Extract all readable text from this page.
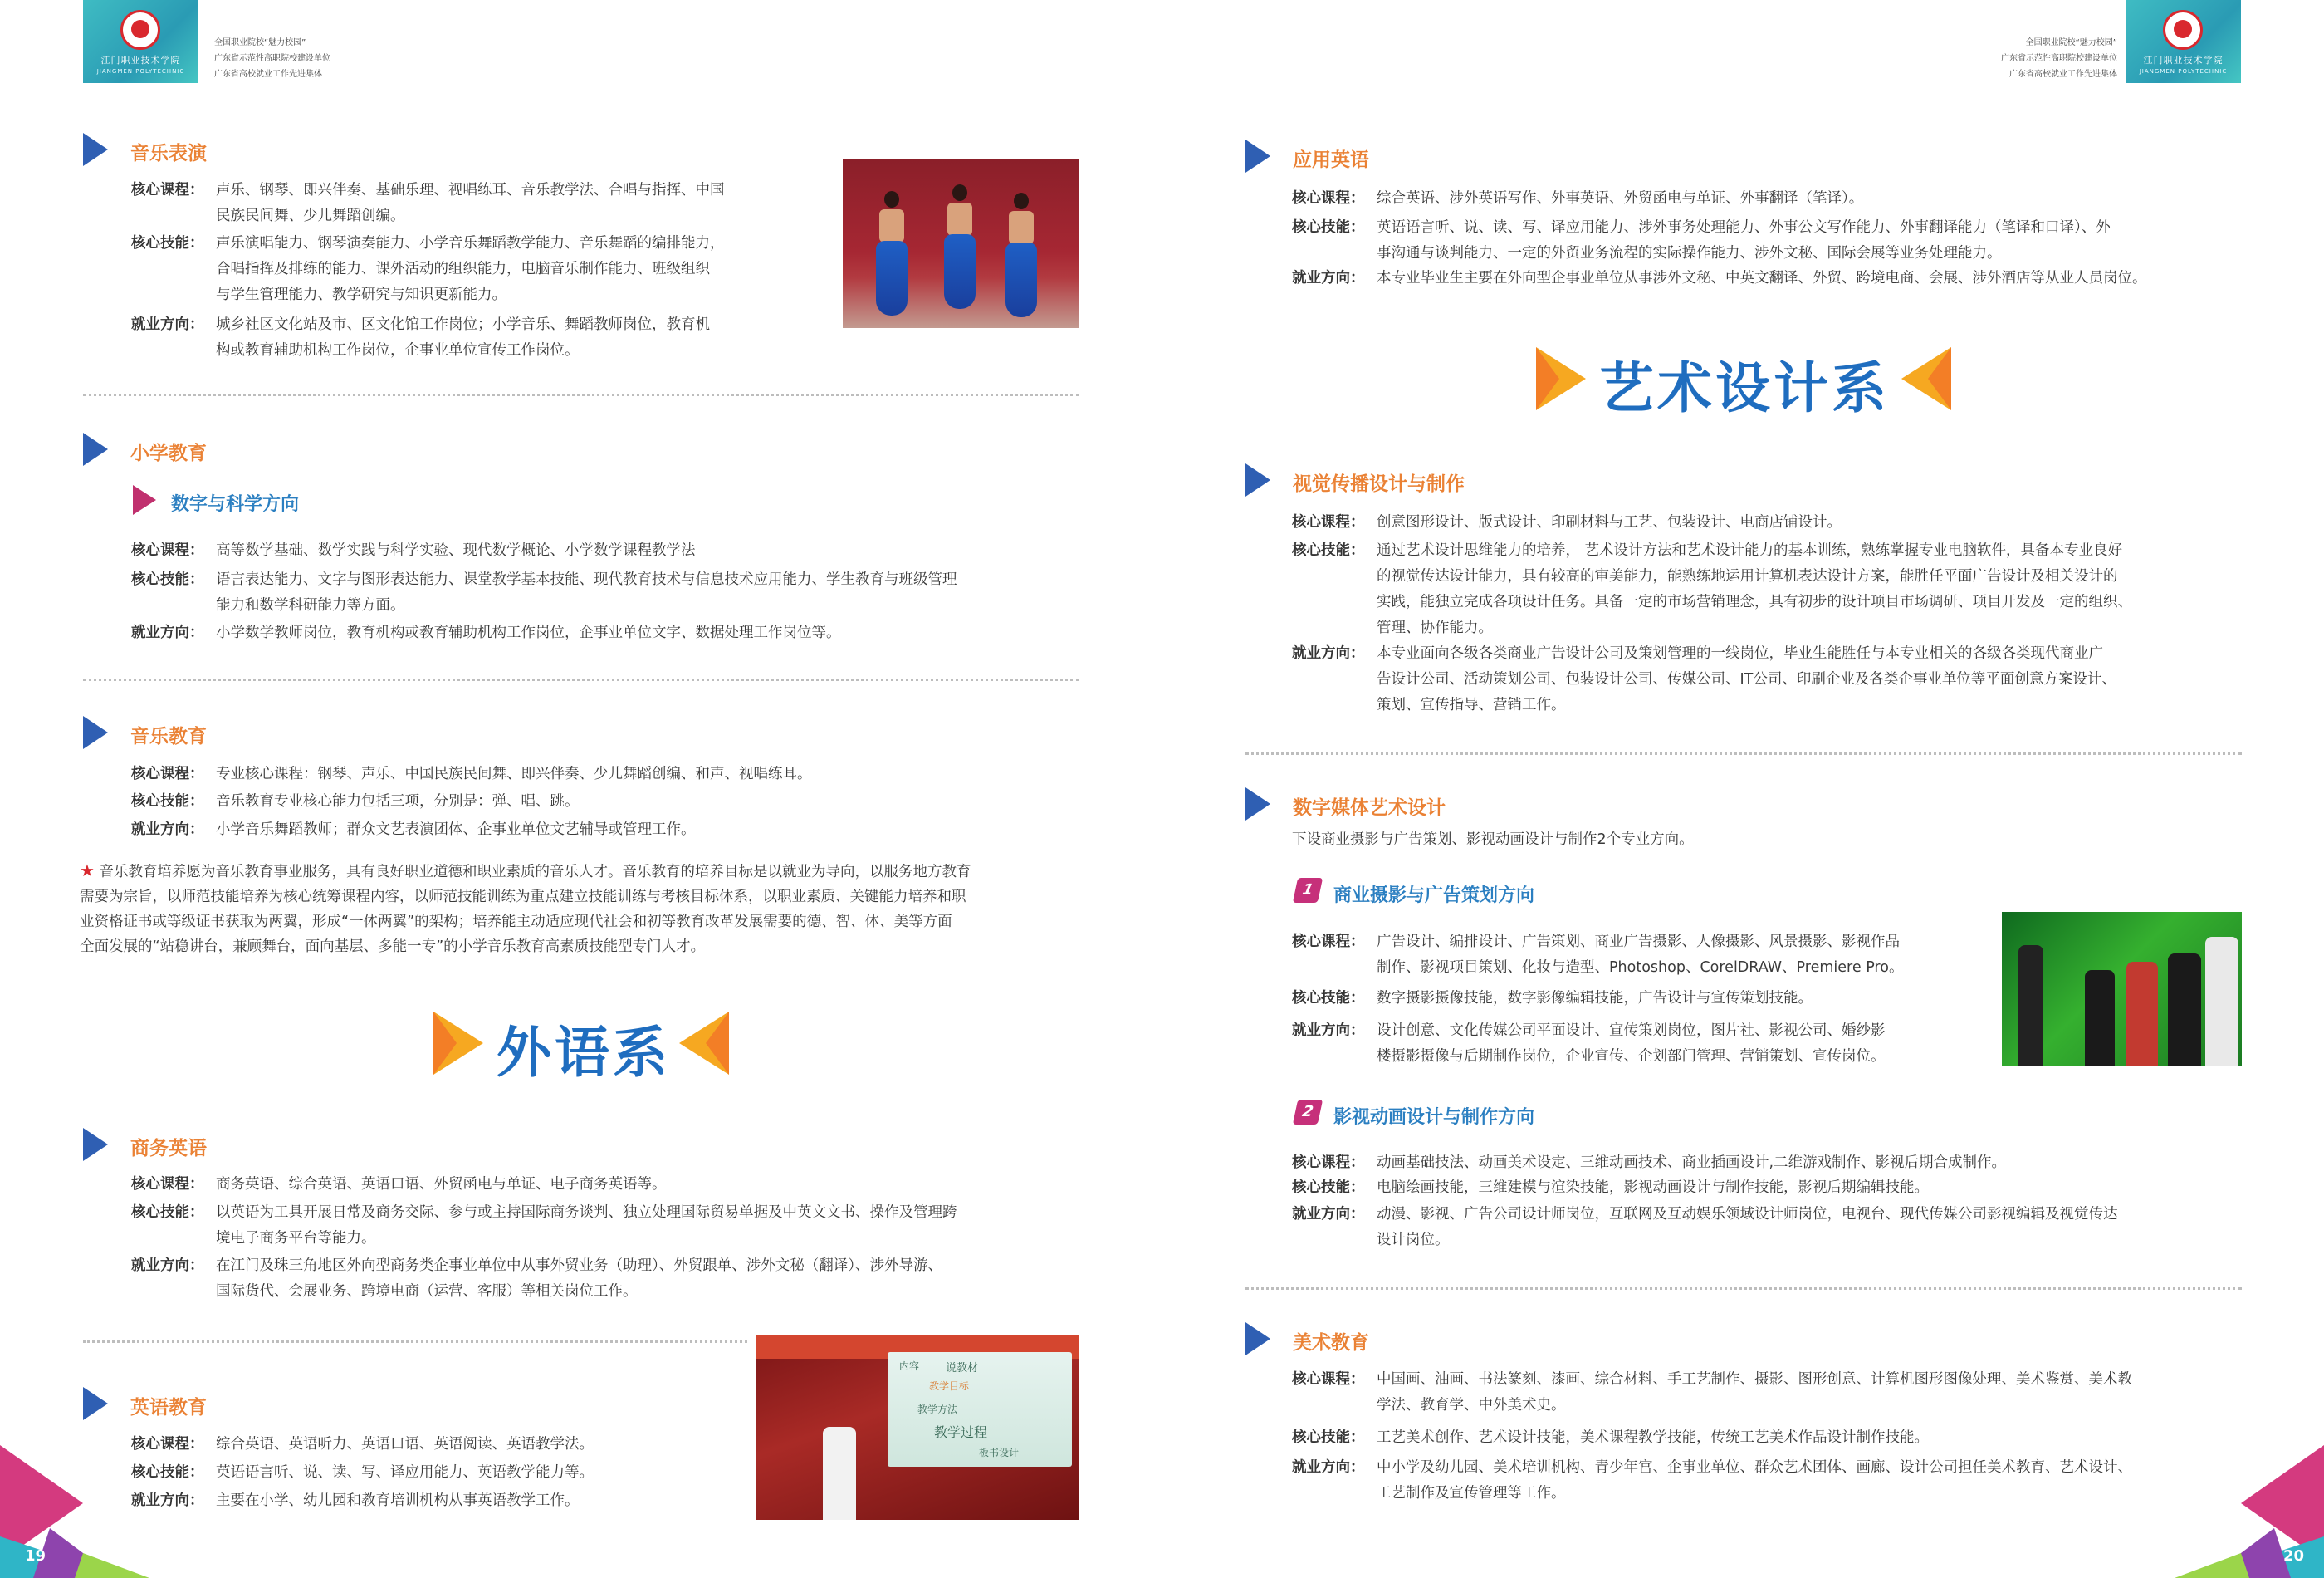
江门职业技术学院
JIANGMEN POLYTECHNIC
全国职业院校“魅力校园”
广东省示范性高职院校建设单位
广东省高校就业工作先进集体
音乐表演
核心课程： 声乐、钢琴、即兴伴奏、基础乐理、视唱练耳、音乐教学法、合唱与指挥、中国
民族民间舞、少儿舞蹈创编。
核心技能： 声乐演唱能力、钢琴演奏能力、小学音乐舞蹈教学能力、音乐舞蹈的编排能力，
合唱指挥及排练的能力、课外活动的组织能力，电脑音乐制作能力、班级组织
与学生管理能力、教学研究与知识更新能力。
就业方向： 城乡社区文化站及市、区文化馆工作岗位；小学音乐、舞蹈教师岗位，教育机
构或教育辅助机构工作岗位，企事业单位宣传工作岗位。
小学教育
数字与科学方向
核心课程： 高等数学基础、数学实践与科学实验、现代数学概论、小学数学课程教学法
核心技能： 语言表达能力、文字与图形表达能力、课堂教学基本技能、现代教育技术与信息技术应用能力、学生教育与班级管理
能力和数学科研能力等方面。
就业方向： 小学数学教师岗位，教育机构或教育辅助机构工作岗位，企事业单位文字、数据处理工作岗位等。
音乐教育
核心课程： 专业核心课程：钢琴、声乐、中国民族民间舞、即兴伴奏、少儿舞蹈创编、和声、视唱练耳。
核心技能： 音乐教育专业核心能力包括三项，分别是：弹、唱、跳。
就业方向： 小学音乐舞蹈教师；群众文艺表演团体、企事业单位文艺辅导或管理工作。
★ 音乐教育培养愿为音乐教育事业服务，具有良好职业道德和职业素质的音乐人才。音乐教育的培养目标是以就业为导向，以服务地方教育
需要为宗旨，以师范技能培养为核心统筹课程内容，以师范技能训练为重点建立技能训练与考核目标体系，以职业素质、关键能力培养和职
业资格证书或等级证书获取为两翼，形成“一体两翼”的架构；培养能主动适应现代社会和初等教育改革发展需要的德、智、体、美等方面
全面发展的“站稳讲台，兼顾舞台，面向基层、多能一专”的小学音乐教育高素质技能型专门人才。
外语系
商务英语
核心课程： 商务英语、综合英语、英语口语、外贸函电与单证、电子商务英语等。
核心技能： 以英语为工具开展日常及商务交际、参与或主持国际商务谈判、独立处理国际贸易单据及中英文文书、操作及管理跨
境电子商务平台等能力。
就业方向： 在江门及珠三角地区外向型商务类企事业单位中从事外贸业务（助理）、外贸跟单、涉外文秘（翻译）、涉外导游、
国际货代、会展业务、跨境电商（运营、客服）等相关岗位工作。
英语教育
核心课程： 综合英语、英语听力、英语口语、英语阅读、英语教学法。
核心技能： 英语语言听、说、读、写、译应用能力、英语教学能力等。
就业方向： 主要在小学、幼儿园和教育培训机构从事英语教学工作。
内容 说教材
教学目标
教学方法
教学过程
板书设计
19
江门职业技术学院
JIANGMEN POLYTECHNIC
全国职业院校“魅力校园”
广东省示范性高职院校建设单位
广东省高校就业工作先进集体
应用英语
核心课程： 综合英语、涉外英语写作、外事英语、外贸函电与单证、外事翻译（笔译）。
核心技能： 英语语言听、说、读、写、译应用能力、涉外事务处理能力、外事公文写作能力、外事翻译能力（笔译和口译）、外
事沟通与谈判能力、一定的外贸业务流程的实际操作能力、涉外文秘、国际会展等业务处理能力。
就业方向： 本专业毕业生主要在外向型企事业单位从事涉外文秘、中英文翻译、外贸、跨境电商、会展、涉外酒店等从业人员岗位。
艺术设计系
视觉传播设计与制作
核心课程： 创意图形设计、版式设计、印刷材料与工艺、包装设计、电商店铺设计。
核心技能： 通过艺术设计思维能力的培养， 艺术设计方法和艺术设计能力的基本训练，熟练掌握专业电脑软件，具备本专业良好
的视觉传达设计能力，具有较高的审美能力，能熟练地运用计算机表达设计方案，能胜任平面广告设计及相关设计的
实践，能独立完成各项设计任务。具备一定的市场营销理念，具有初步的设计项目市场调研、项目开发及一定的组织、
管理、协作能力。
就业方向： 本专业面向各级各类商业广告设计公司及策划管理的一线岗位，毕业生能胜任与本专业相关的各级各类现代商业广
告设计公司、活动策划公司、包装设计公司、传媒公司、IT公司、印刷企业及各类企事业单位等平面创意方案设计、
策划、宣传指导、营销工作。
数字媒体艺术设计
下设商业摄影与广告策划、影视动画设计与制作2个专业方向。
1	商业摄影与广告策划方向
核心课程： 广告设计、编排设计、广告策划、商业广告摄影、人像摄影、风景摄影、影视作品
制作、影视项目策划、化妆与造型、Photoshop、CorelDRAW、Premiere Pro。
核心技能： 数字摄影摄像技能，数字影像编辑技能，广告设计与宣传策划技能。
就业方向： 设计创意、文化传媒公司平面设计、宣传策划岗位，图片社、影视公司、婚纱影
楼摄影摄像与后期制作岗位，企业宣传、企划部门管理、营销策划、宣传岗位。
2	影视动画设计与制作方向
核心课程： 动画基础技法、动画美术设定、三维动画技术、商业插画设计,二维游戏制作、影视后期合成制作。
核心技能： 电脑绘画技能，三维建模与渲染技能，影视动画设计与制作技能，影视后期编辑技能。
就业方向： 动漫、影视、广告公司设计师岗位，互联网及互动娱乐领域设计师岗位，电视台、现代传媒公司影视编辑及视觉传达
设计岗位。
美术教育
核心课程： 中国画、油画、书法篆刻、漆画、综合材料、手工艺制作、摄影、图形创意、计算机图形图像处理、美术鉴赏、美术教
学法、教育学、中外美术史。
核心技能： 工艺美术创作、艺术设计技能，美术课程教学技能，传统工艺美术作品设计制作技能。
就业方向： 中小学及幼儿园、美术培训机构、青少年宫、企事业单位、群众艺术团体、画廊、设计公司担任美术教育、艺术设计、
工艺制作及宣传管理等工作。
20
